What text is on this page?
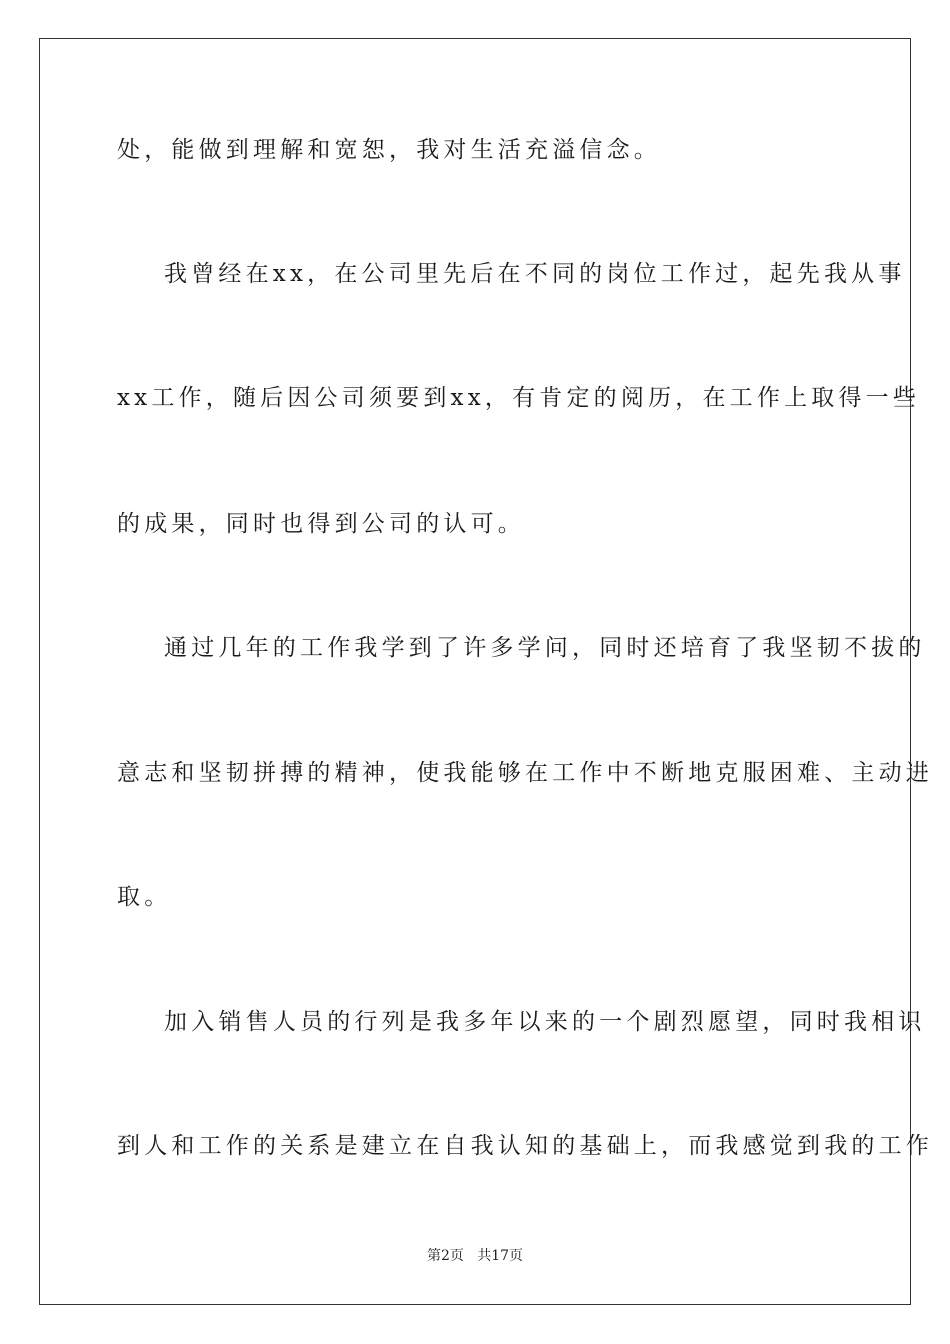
处，能做到理解和宽恕，我对生活充溢信念。
我曾经在xx，在公司里先后在不同的岗位工作过，起先我从事
xx工作，随后因公司须要到xx，有肯定的阅历，在工作上取得一些
的成果，同时也得到公司的认可。
通过几年的工作我学到了许多学问，同时还培育了我坚韧不拔的
意志和坚韧拼搏的精神，使我能够在工作中不断地克服困难、主动进
取。
加入销售人员的行列是我多年以来的一个剧烈愿望，同时我相识
到人和工作的关系是建立在自我认知的基础上，而我感觉到我的工作
第2页   共17页
